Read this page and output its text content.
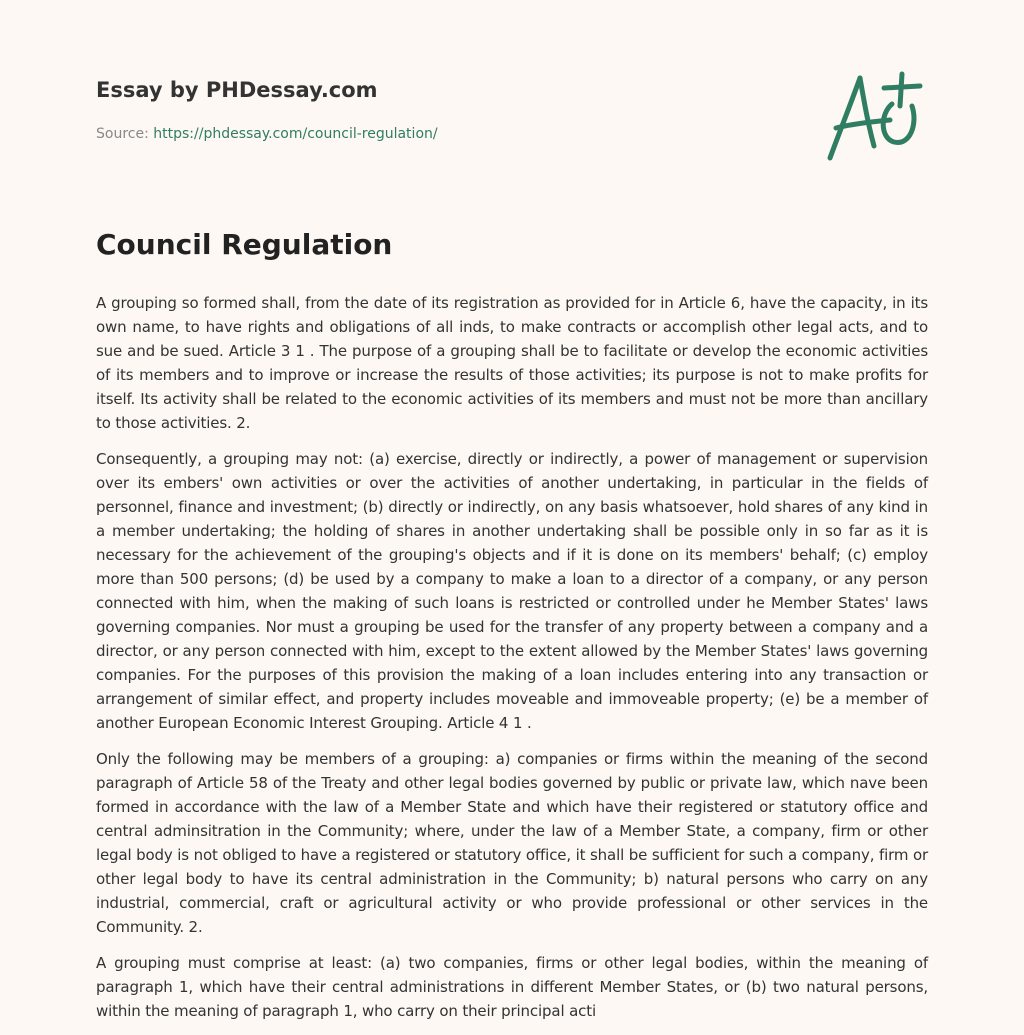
Essay by PHDessay.com
Source: https://phdessay.com/council-regulation/
Council Regulation

A grouping so formed shall, from the date of its registration as provided for in Article 6, have the capacity, in its own name, to have rights and obligations of all inds, to make contracts or accomplish other legal acts, and to sue and be sued. Article 3 1 . The purpose of a grouping shall be to facilitate or develop the economic activities of its members and to improve or increase the results of those activities; its purpose is not to make profits for itself. Its activity shall be related to the economic activities of its members and must not be more than ancillary to those activities. 2.

Consequently, a grouping may not: (a) exercise, directly or indirectly, a power of management or supervision over its embers' own activities or over the activities of another undertaking, in particular in the fields of personnel, finance and investment; (b) directly or indirectly, on any basis whatsoever, hold shares of any kind in a member undertaking; the holding of shares in another undertaking shall be possible only in so far as it is necessary for the achievement of the grouping's objects and if it is done on its members' behalf; (c) employ more than 500 persons; (d) be used by a company to make a loan to a director of a company, or any person connected with him, when the making of such loans is restricted or controlled under he Member States' laws governing companies. Nor must a grouping be used for the transfer of any property between a company and a director, or any person connected with him, except to the extent allowed by the Member States' laws governing companies. For the purposes of this provision the making of a loan includes entering into any transaction or arrangement of similar effect, and property includes moveable and immoveable property; (e) be a member of another European Economic Interest Grouping. Article 4 1 .

Only the following may be members of a grouping: a) companies or firms within the meaning of the second paragraph of Article 58 of the Treaty and other legal bodies governed by public or private law, which nave been formed in accordance with the law of a Member State and which have their registered or statutory office and central adminsitration in the Community; where, under the law of a Member State, a company, firm or other legal body is not obliged to have a registered or statutory office, it shall be sufficient for such a company, firm or other legal body to have its central administration in the Community; b) natural persons who carry on any industrial, commercial, craft or agricultural activity or who provide professional or other services in the Community. 2.

A grouping must comprise at least: (a) two companies, firms or other legal bodies, within the meaning of paragraph 1, which have their central administrations in different Member States, or (b) two natural persons, within the meaning of paragraph 1, who carry on their principal acti
